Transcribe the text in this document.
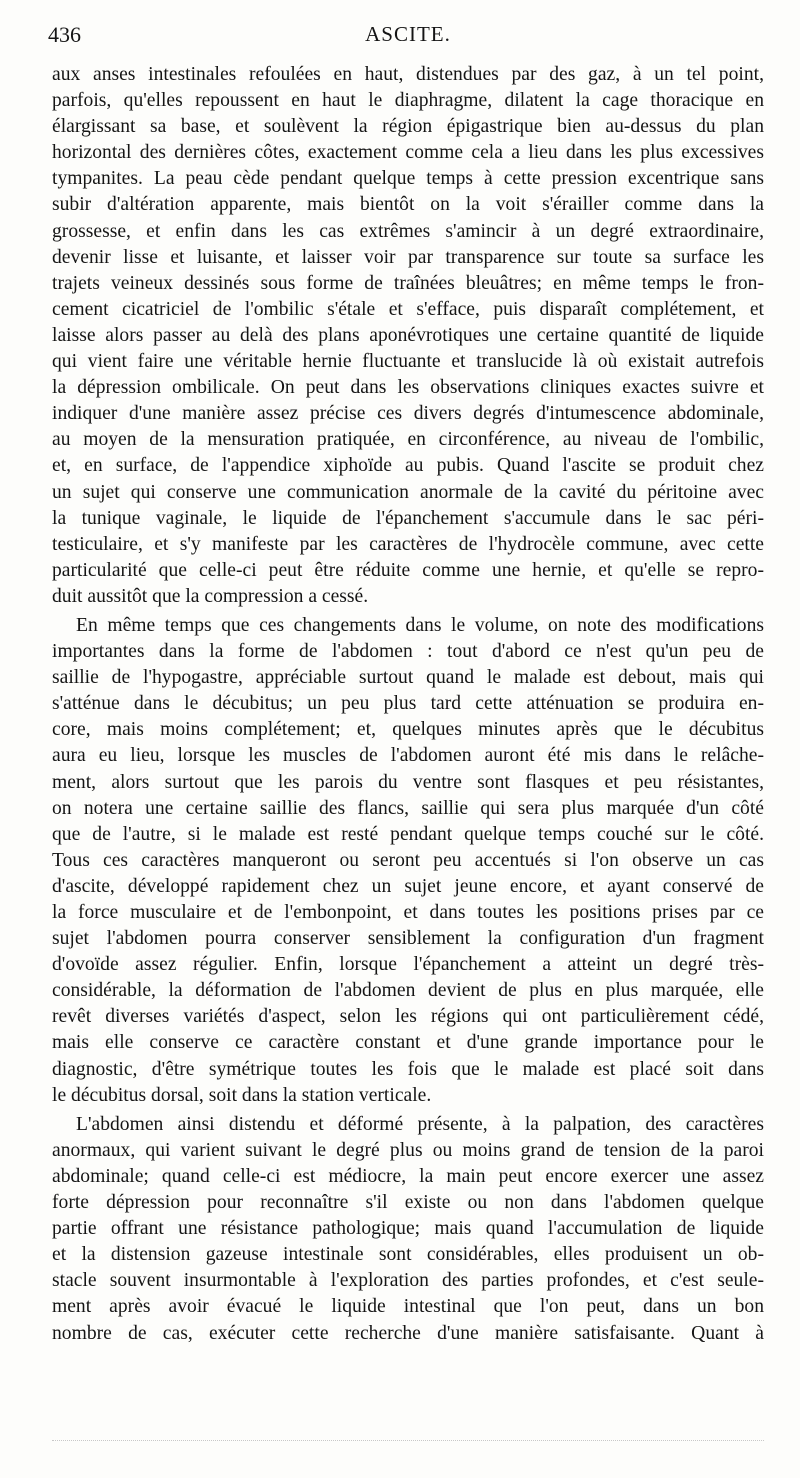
436	ASCITE.
aux anses intestinales refoulées en haut, distendues par des gaz, à un tel point,
parfois, qu'elles repoussent en haut le diaphragme, dilatent la cage thoracique en
élargissant sa base, et soulèvent la région épigastrique bien au-dessus du plan
horizontal des dernières côtes, exactement comme cela a lieu dans les plus excessives
tympanites. La peau cède pendant quelque temps à cette pression excentrique sans
subir d'altération apparente, mais bientôt on la voit s'érailler comme dans la
grossesse, et enfin dans les cas extrêmes s'amincir à un degré extraordinaire,
devenir lisse et luisante, et laisser voir par transparence sur toute sa surface les
trajets veineux dessinés sous forme de traînées bleuâtres; en même temps le fron-
cement cicatriciel de l'ombilic s'étale et s'efface, puis disparaît complétement, et
laisse alors passer au delà des plans aponévrotiques une certaine quantité de liquide
qui vient faire une véritable hernie fluctuante et translucide là où existait autrefois
la dépression ombilicale. On peut dans les observations cliniques exactes suivre et
indiquer d'une manière assez précise ces divers degrés d'intumescence abdominale,
au moyen de la mensuration pratiquée, en circonférence, au niveau de l'ombilic,
et, en surface, de l'appendice xiphoïde au pubis. Quand l'ascite se produit chez
un sujet qui conserve une communication anormale de la cavité du péritoine avec
la tunique vaginale, le liquide de l'épanchement s'accumule dans le sac péri-
testiculaire, et s'y manifeste par les caractères de l'hydrocèle commune, avec cette
particularité que celle-ci peut être réduite comme une hernie, et qu'elle se repro-
duit aussitôt que la compression a cessé.
En même temps que ces changements dans le volume, on note des modifications
importantes dans la forme de l'abdomen : tout d'abord ce n'est qu'un peu de
saillie de l'hypogastre, appréciable surtout quand le malade est debout, mais qui
s'atténue dans le décubitus; un peu plus tard cette atténuation se produira en-
core, mais moins complétement; et, quelques minutes après que le décubitus
aura eu lieu, lorsque les muscles de l'abdomen auront été mis dans le relâche-
ment, alors surtout que les parois du ventre sont flasques et peu résistantes,
on notera une certaine saillie des flancs, saillie qui sera plus marquée d'un côté
que de l'autre, si le malade est resté pendant quelque temps couché sur le côté.
Tous ces caractères manqueront ou seront peu accentués si l'on observe un cas
d'ascite, développé rapidement chez un sujet jeune encore, et ayant conservé de
la force musculaire et de l'embonpoint, et dans toutes les positions prises par ce
sujet l'abdomen pourra conserver sensiblement la configuration d'un fragment
d'ovoïde assez régulier. Enfin, lorsque l'épanchement a atteint un degré très-
considérable, la déformation de l'abdomen devient de plus en plus marquée, elle
revêt diverses variétés d'aspect, selon les régions qui ont particulièrement cédé,
mais elle conserve ce caractère constant et d'une grande importance pour le
diagnostic, d'être symétrique toutes les fois que le malade est placé soit dans
le décubitus dorsal, soit dans la station verticale.
L'abdomen ainsi distendu et déformé présente, à la palpation, des caractères
anormaux, qui varient suivant le degré plus ou moins grand de tension de la paroi
abdominale; quand celle-ci est médiocre, la main peut encore exercer une assez
forte dépression pour reconnaître s'il existe ou non dans l'abdomen quelque
partie offrant une résistance pathologique; mais quand l'accumulation de liquide
et la distension gazeuse intestinale sont considérables, elles produisent un ob-
stacle souvent insurmontable à l'exploration des parties profondes, et c'est seule-
ment après avoir évacué le liquide intestinal que l'on peut, dans un bon
nombre de cas, exécuter cette recherche d'une manière satisfaisante. Quant à
